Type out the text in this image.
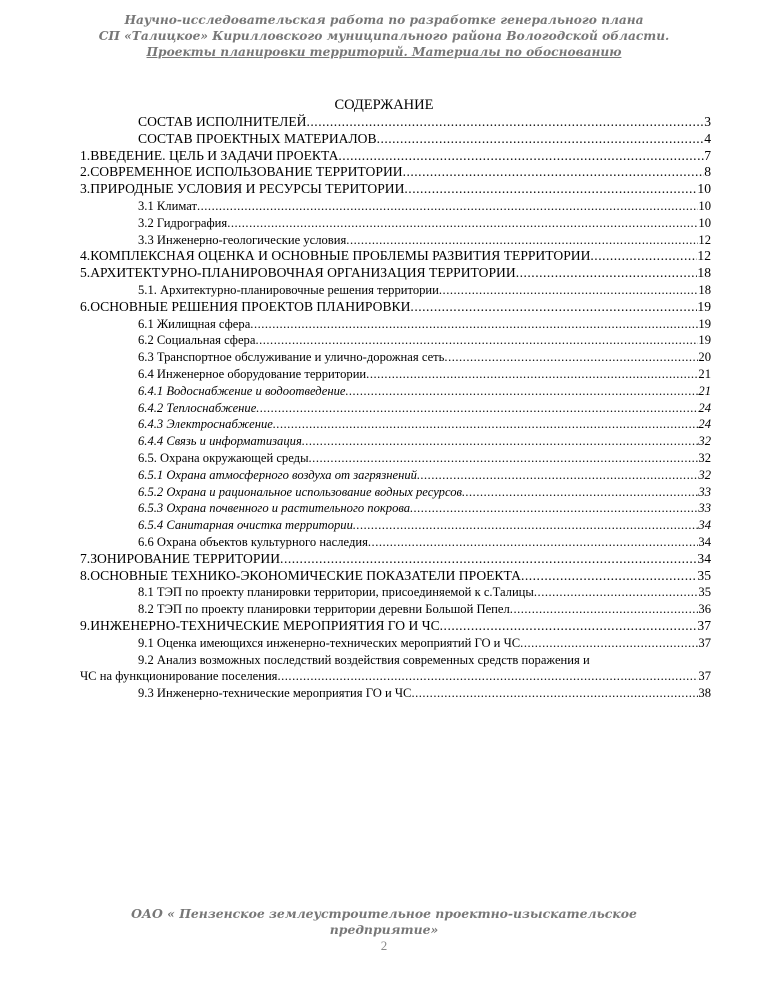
Научно-исследовательская работа по разработке генерального плана
СП «Талицкое» Кирилловского муниципального района Вологодской области.
Проекты планировки территорий. Материалы по обоснованию
СОДЕРЖАНИЕ
СОСТАВ ИСПОЛНИТЕЛЕЙ .....	3
СОСТАВ ПРОЕКТНЫХ МАТЕРИАЛОВ .....	4
1.ВВЕДЕНИЕ. ЦЕЛЬ И ЗАДАЧИ ПРОЕКТА .....	7
2.СОВРЕМЕННОЕ ИСПОЛЬЗОВАНИЕ ТЕРРИТОРИИ .....	8
3.ПРИРОДНЫЕ УСЛОВИЯ И РЕСУРСЫ ТЕРИТОРИИ .....	10
3.1 Климат .....	10
3.2 Гидрография .....	10
3.3 Инженерно-геологические условия .....	12
4.КОМПЛЕКСНАЯ ОЦЕНКА И ОСНОВНЫЕ ПРОБЛЕМЫ РАЗВИТИЯ ТЕРРИТОРИИ .....	12
5.АРХИТЕКТУРНО-ПЛАНИРОВОЧНАЯ ОРГАНИЗАЦИЯ ТЕРРИТОРИИ .....	18
5.1. Архитектурно-планировочные решения территории .....	18
6.ОСНОВНЫЕ РЕШЕНИЯ ПРОЕКТОВ ПЛАНИРОВКИ .....	19
6.1 Жилищная сфера .....	19
6.2 Социальная сфера .....	19
6.3 Транспортное обслуживание и улично-дорожная сеть .....	20
6.4 Инженерное оборудование территории .....	21
6.4.1 Водоснабжение и водоотведение .....	21
6.4.2 Теплоснабжение .....	24
6.4.3 Электроснабжение .....	24
6.4.4 Связь и информатизация .....	32
6.5. Охрана окружающей среды .....	32
6.5.1 Охрана атмосферного воздуха от загрязнений .....	32
6.5.2 Охрана и рациональное использование водных ресурсов .....	33
6.5.3 Охрана почвенного и растительного покрова .....	33
6.5.4 Санитарная очистка территории .....	34
6.6 Охрана объектов культурного наследия .....	34
7.ЗОНИРОВАНИЕ ТЕРРИТОРИИ .....	34
8.ОСНОВНЫЕ ТЕХНИКО-ЭКОНОМИЧЕСКИЕ ПОКАЗАТЕЛИ ПРОЕКТА .....	35
8.1 ТЭП по проекту планировки территории, присоединяемой к с.Талицы .....	35
8.2 ТЭП по проекту планировки территории деревни Большой Пепел .....	36
9.ИНЖЕНЕРНО-ТЕХНИЧЕСКИЕ МЕРОПРИЯТИЯ ГО И ЧС .....	37
9.1 Оценка имеющихся инженерно-технических мероприятий ГО и ЧС .....	37
9.2 Анализ возможных последствий воздействия современных средств поражения и
ЧС на функционирование поселения .....	37
9.3 Инженерно-технические мероприятия ГО и ЧС .....	38
ОАО « Пензенское землеустроительное проектно-изыскательское
предприятие»
2
